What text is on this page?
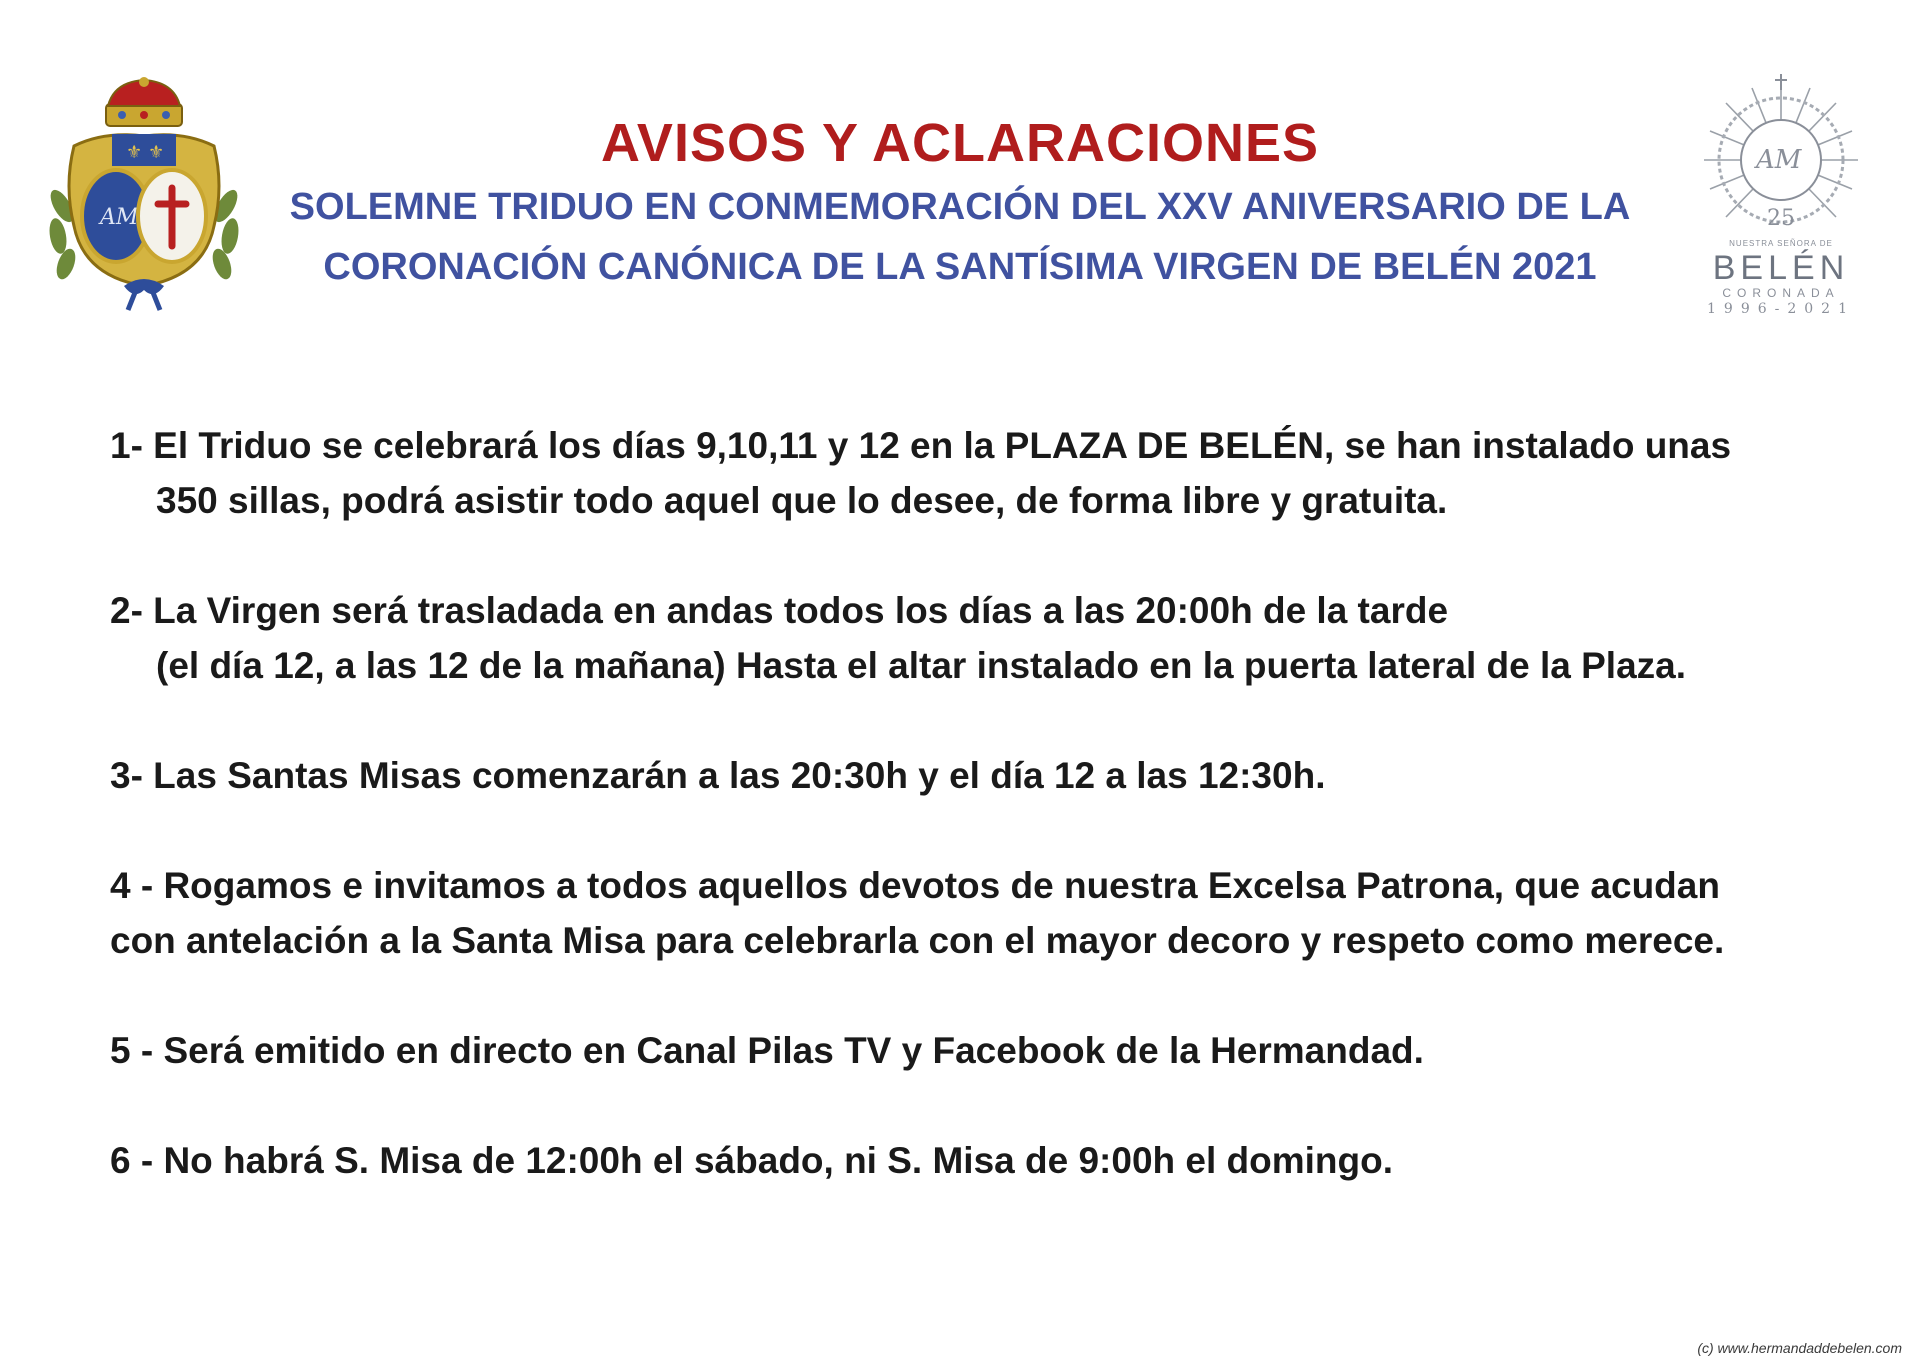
⚜ ⚜
AM
AVISOS Y ACLARACIONES
SOLEMNE TRIDUO EN CONMEMORACIÓN DEL XXV ANIVERSARIO DE LA
CORONACIÓN CANÓNICA DE LA SANTÍSIMA VIRGEN DE BELÉN 2021
AM
25
NUESTRA SEÑORA DE
BELÉN
CORONADA
1996-2021
1- El Triduo se celebrará los días 9,10,11 y 12 en la PLAZA DE BELÉN, se han instalado unas
350 sillas, podrá asistir todo aquel que lo desee, de forma libre y gratuita.
2- La Virgen será trasladada en andas todos los días a las 20:00h de la tarde
(el día 12, a las 12 de la mañana) Hasta el altar instalado en la puerta lateral de la Plaza.
3- Las Santas Misas comenzarán a las 20:30h y el día 12 a las 12:30h.
4 - Rogamos e invitamos a todos aquellos devotos de nuestra Excelsa Patrona, que acudan
con antelación a la Santa Misa para celebrarla con el mayor decoro y respeto como merece.
5 - Será emitido en directo en Canal Pilas TV y Facebook de la Hermandad.
6 - No habrá S. Misa de 12:00h el sábado, ni S. Misa de 9:00h el domingo.
(c) www.hermandaddebelen.com
